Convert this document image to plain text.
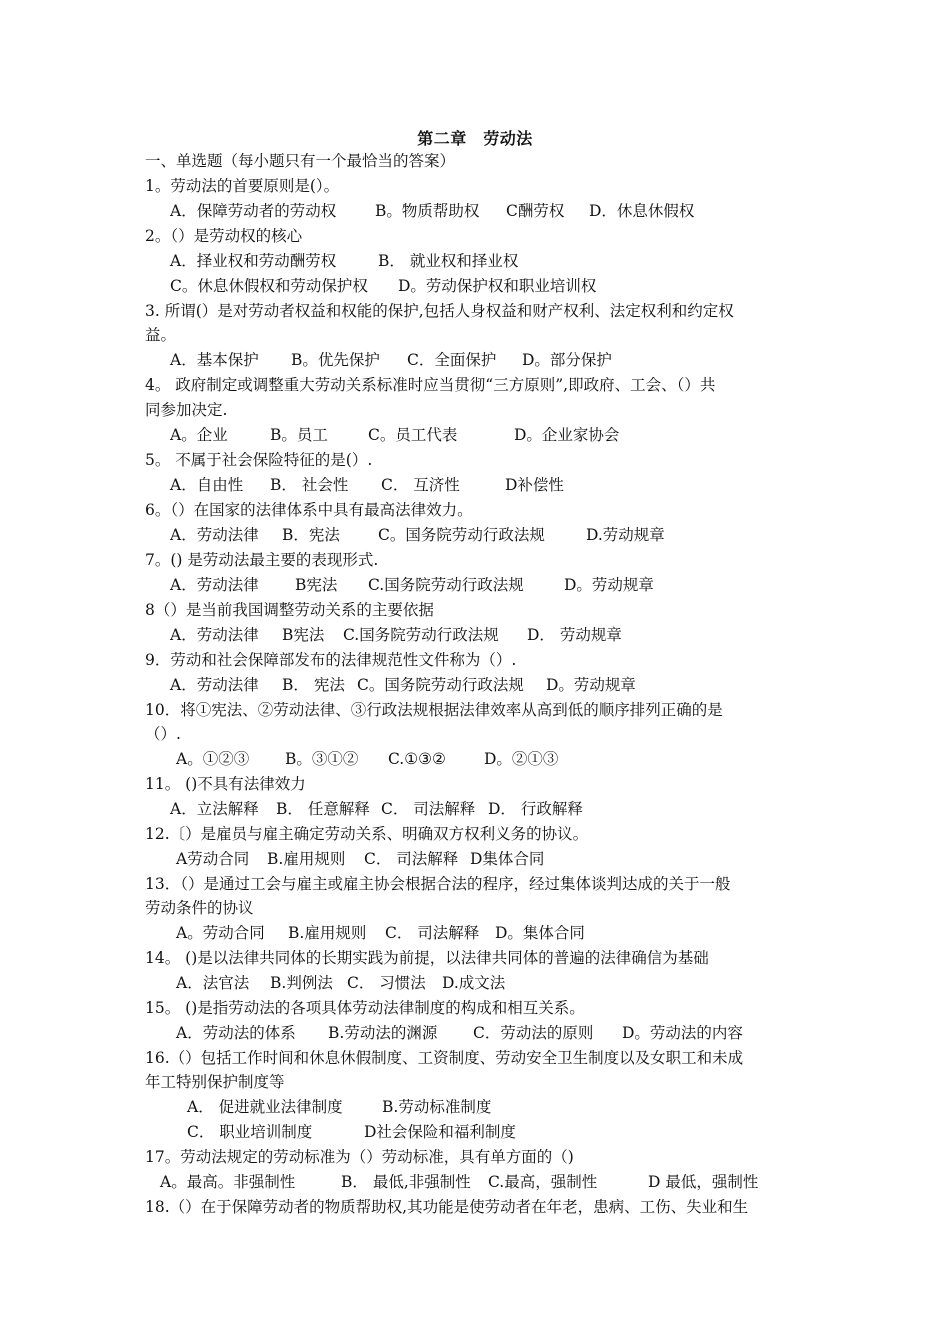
第二章　劳动法
一、单选题（每小题只有一个最恰当的答案）
1。劳动法的首要原则是(）。
A．保障劳动者的劳动权	B。物质帮助权 C酬劳权 D．休息休假权
2。（）是劳动权的核心
A．择业权和劳动酬劳权	B． 就业权和择业权
C。休息休假权和劳动保护权 D。劳动保护权和职业培训权
3. 所谓(）是对劳动者权益和权能的保护,包括人身权益和财产权利、法定权利和约定权
益。
A．基本保护 B。优先保护 C．全面保护 D。部分保护
4。 政府制定或调整重大劳动关系标准时应当贯彻“三方原则”,即政府、工会、（）共
同参加决定.
A。企业	B。员工	C。员工代表	D。企业家协会
5。 不属于社会保险特征的是(）.
A．自由性 B． 社会性 C． 互济性	D补偿性
6。（）在国家的法律体系中具有最高法律效力。
A．劳动法律 B．宪法 C。国务院劳动行政法规	D.劳动规章
7。() 是劳动法最主要的表现形式.
A．劳动法律 B宪法 C.国务院劳动行政法规	D。劳动规章
8（）是当前我国调整劳动关系的主要依据
A．劳动法律 B宪法 C.国务院劳动行政法规 D． 劳动规章
9．劳动和社会保障部发布的法律规范性文件称为（）.
A．劳动法律 B． 宪法 C。国务院劳动行政法规 D。劳动规章
10．将①宪法、②劳动法律、③行政法规根据法律效率从高到低的顺序排列正确的是
（）.
A。①②③ B。③①② C.①③② D。②①③
11。 ()不具有法律效力
A．立法解释 B． 任意解释 C． 司法解释 D． 行政解释
12.〔）是雇员与雇主确定劳动关系、明确双方权利义务的协议。
A劳动合同 B.雇用规则 C． 司法解释 D集体合同
13．（）是通过工会与雇主或雇主协会根据合法的程序，经过集体谈判达成的关于一般
劳动条件的协议
A。劳动合同 B.雇用规则 C． 司法解释 D。集体合同
14。 ()是以法律共同体的长期实践为前提，以法律共同体的普遍的法律确信为基础
A．法官法 B.判例法 C． 习惯法 D.成文法
15。 ()是指劳动法的各项具体劳动法律制度的构成和相互关系。
A．劳动法的体系 B.劳动法的渊源 C．劳动法的原则 D。劳动法的内容
16.（）包括工作时间和休息休假制度、工资制度、劳动安全卫生制度以及女职工和未成
年工特别保护制度等
A． 促进就业法律制度	B.劳动标准制度
C． 职业培训制度	D社会保险和福利制度
17。劳动法规定的劳动标准为（）劳动标准，具有单方面的（)
A。最高。非强制性	B． 最低,非强制性 C.最高，强制性	D 最低，强制性
18.（）在于保障劳动者的物质帮助权,其功能是使劳动者在年老，患病、工伤、失业和生
